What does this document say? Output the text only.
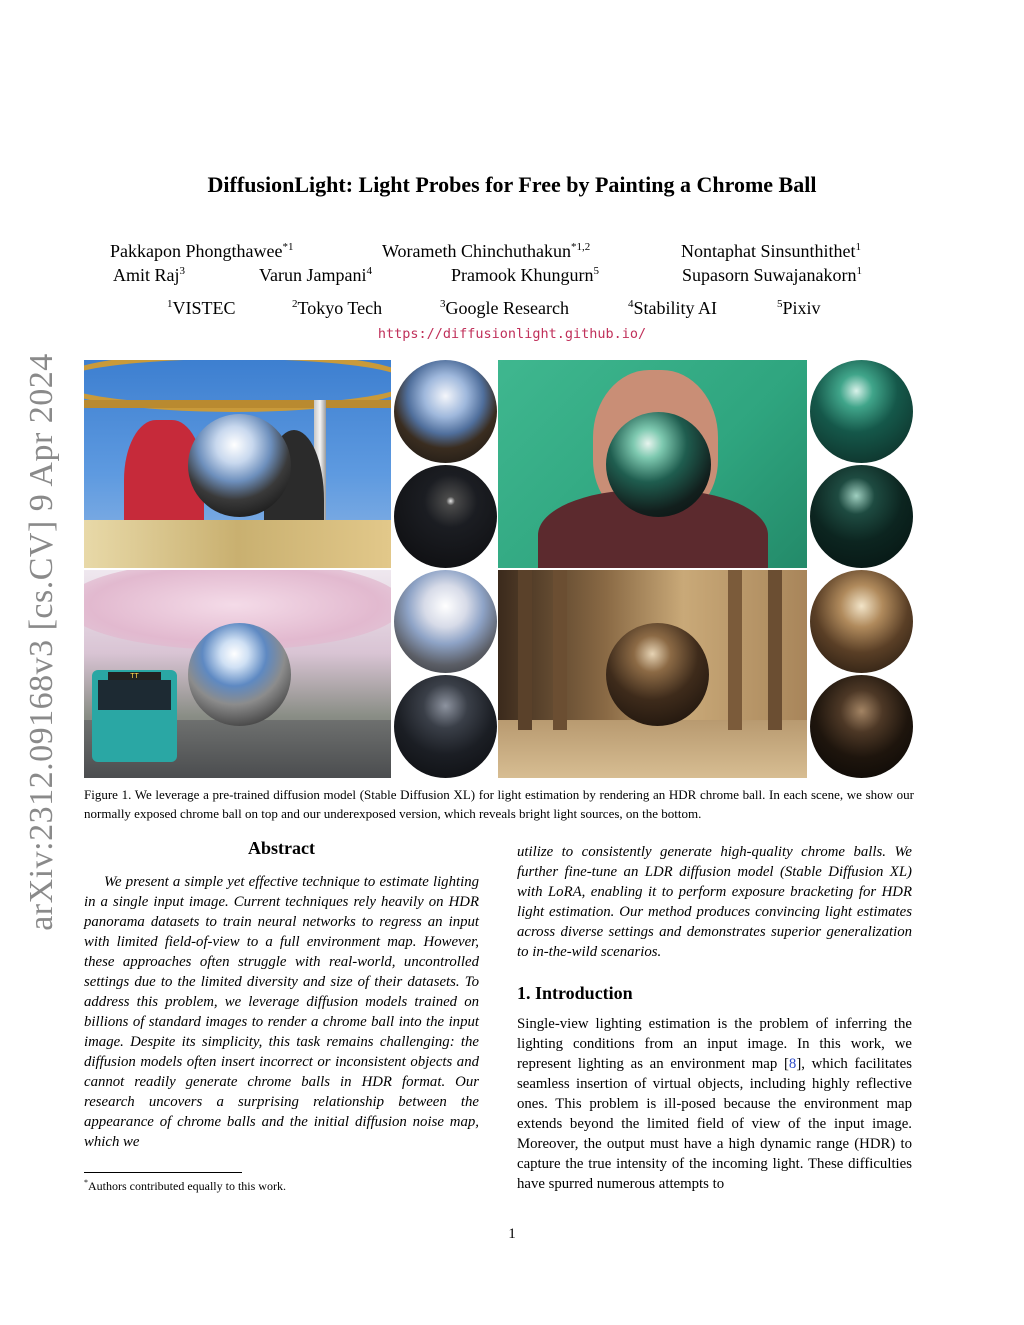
arXiv:2312.09168v3 [cs.CV] 9 Apr 2024
DiffusionLight: Light Probes for Free by Painting a Chrome Ball
Pakkapon Phongthawee$^{*1}$	Worameth Chinchuthakun$^{*1,2}$	Nontaphat Sinsunthithet$^1$
Amit Raj$^3$	Varun Jampani$^4$	Pramook Khungurn$^5$	Supasorn Suwajanakorn$^1$
$^1$VISTEC	$^2$Tokyo Tech	$^3$Google Research	$^4$Stability AI	$^5$Pixiv
https://diffusionlight.github.io/
TT
Figure 1. We leverage a pre-trained diffusion model (Stable Diffusion XL) for light estimation by rendering an HDR chrome ball. In each scene, we show our normally exposed chrome ball on top and our underexposed version, which reveals bright light sources, on the bottom.
Abstract

We present a simple yet effective technique to estimate lighting in a single input image. Current techniques rely heavily on HDR panorama datasets to train neural networks to regress an input with limited field-of-view to a full environment map. However, these approaches often struggle with real-world, uncontrolled settings due to the limited diversity and size of their datasets. To address this problem, we leverage diffusion models trained on billions of standard images to render a chrome ball into the input image. Despite its simplicity, this task remains challenging: the diffusion models often insert incorrect or inconsistent objects and cannot readily generate chrome balls in HDR format. Our research uncovers a surprising relationship between the appearance of chrome balls and the initial diffusion noise map, which we

utilize to consistently generate high-quality chrome balls. We further fine-tune an LDR diffusion model (Stable Diffusion XL) with LoRA, enabling it to perform exposure bracketing for HDR light estimation. Our method produces convincing light estimates across diverse settings and demonstrates superior generalization to in-the-wild scenarios.

1. Introduction

Single-view lighting estimation is the problem of inferring the lighting conditions from an input image. In this work, we represent lighting as an environment map [8], which facilitates seamless insertion of virtual objects, including highly reflective ones. This problem is ill-posed because the environment map extends beyond the limited field of view of the input image. Moreover, the output must have a high dynamic range (HDR) to capture the true intensity of the incoming light. These difficulties have spurred numerous attempts to

*Authors contributed equally to this work.
1
